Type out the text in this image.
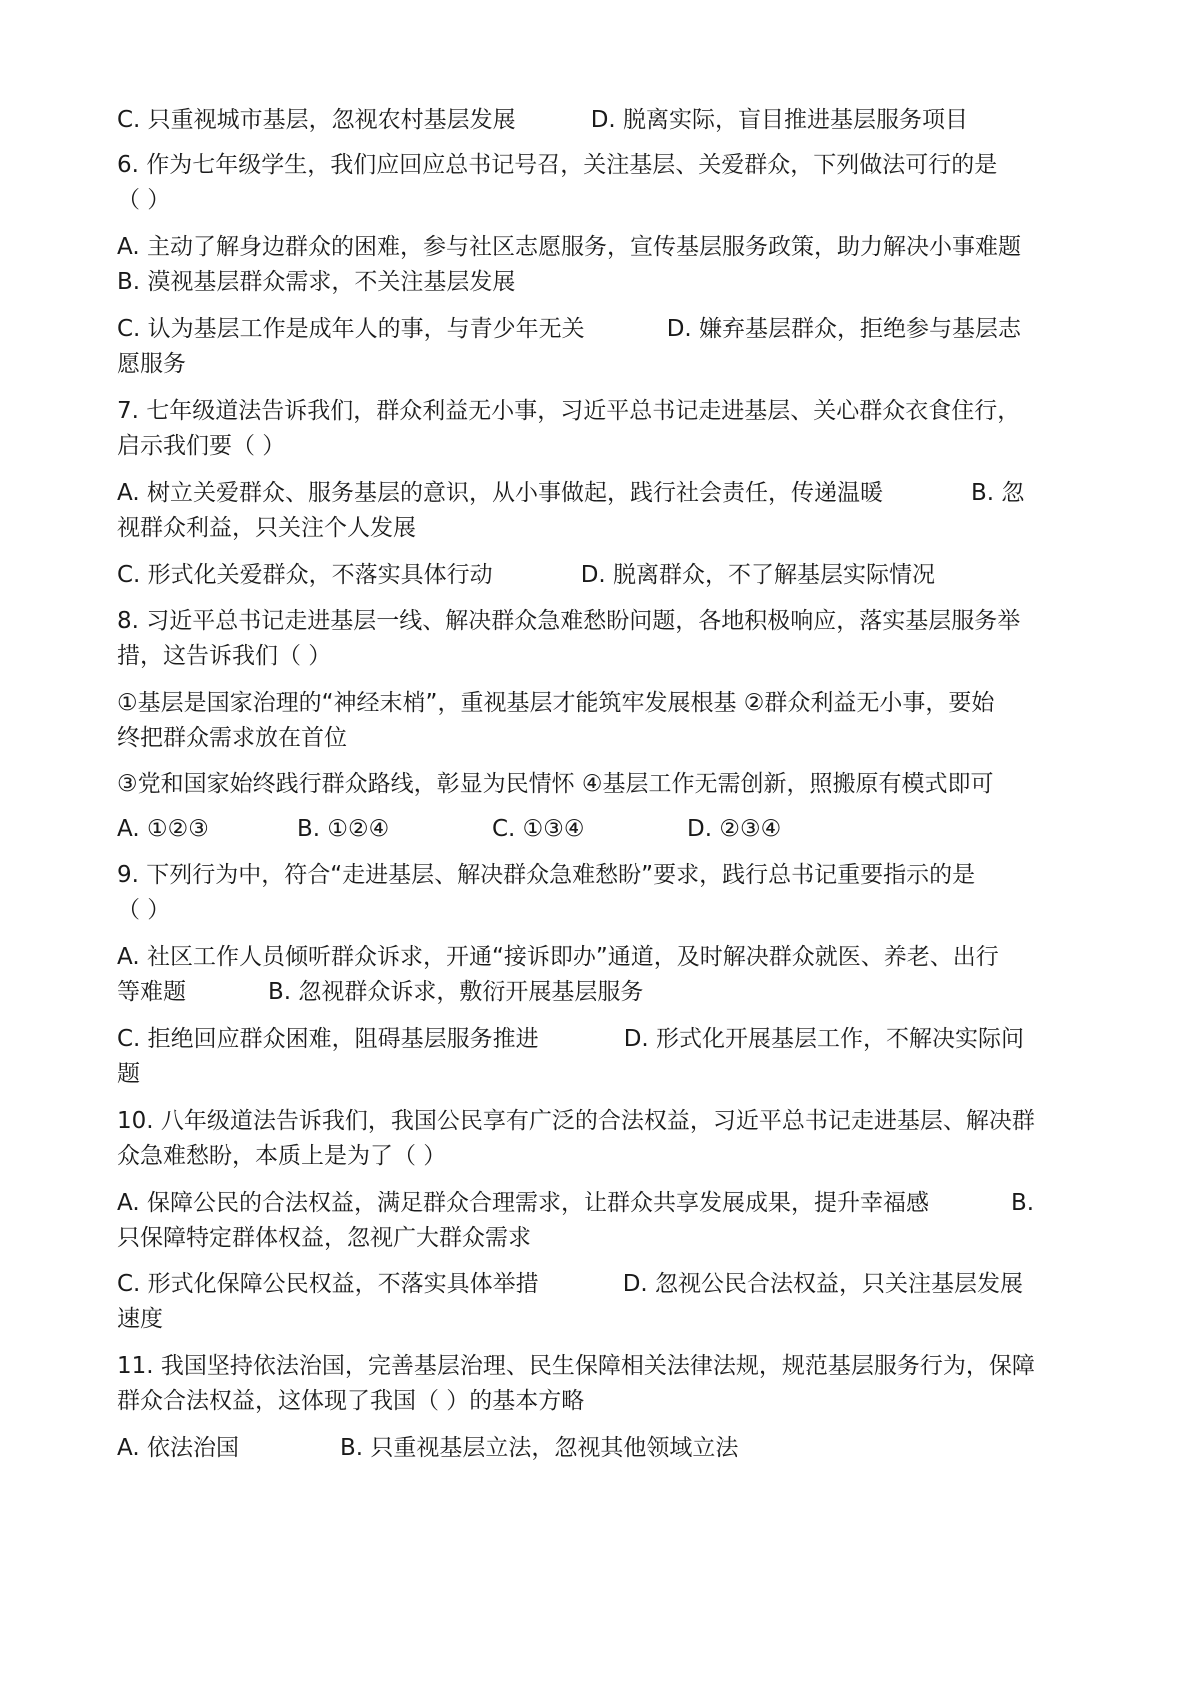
C. 只重视城市基层，忽视农村基层发展	D. 脱离实际，盲目推进基层服务项目
6. 作为七年级学生，我们应回应总书记号召，关注基层、关爱群众，下列做法可行的是
（ ）
A. 主动了解身边群众的困难，参与社区志愿服务，宣传基层服务政策，助力解决小事难题
B. 漠视基层群众需求，不关注基层发展
C. 认为基层工作是成年人的事，与青少年无关	D. 嫌弃基层群众，拒绝参与基层志
愿服务
7. 七年级道法告诉我们，群众利益无小事，习近平总书记走进基层、关心群众衣食住行，
启示我们要（ ）
A. 树立关爱群众、服务基层的意识，从小事做起，践行社会责任，传递温暖	B. 忽
视群众利益，只关注个人发展
C. 形式化关爱群众，不落实具体行动	D. 脱离群众，不了解基层实际情况
8. 习近平总书记走进基层一线、解决群众急难愁盼问题，各地积极响应，落实基层服务举
措，这告诉我们（ ）
①基层是国家治理的“神经末梢”，重视基层才能筑牢发展根基 ②群众利益无小事，要始
终把群众需求放在首位
③党和国家始终践行群众路线，彰显为民情怀 ④基层工作无需创新，照搬原有模式即可
A. ①②③	B. ①②④	C. ①③④	D. ②③④
9. 下列行为中，符合“走进基层、解决群众急难愁盼”要求，践行总书记重要指示的是
（ ）
A. 社区工作人员倾听群众诉求，开通“接诉即办”通道，及时解决群众就医、养老、出行
等难题	B. 忽视群众诉求，敷衍开展基层服务
C. 拒绝回应群众困难，阻碍基层服务推进	D. 形式化开展基层工作，不解决实际问
题
10. 八年级道法告诉我们，我国公民享有广泛的合法权益，习近平总书记走进基层、解决群
众急难愁盼，本质上是为了（ ）
A. 保障公民的合法权益，满足群众合理需求，让群众共享发展成果，提升幸福感	B.
只保障特定群体权益，忽视广大群众需求
C. 形式化保障公民权益，不落实具体举措	D. 忽视公民合法权益，只关注基层发展
速度
11. 我国坚持依法治国，完善基层治理、民生保障相关法律法规，规范基层服务行为，保障
群众合法权益，这体现了我国（ ）的基本方略
A. 依法治国	B. 只重视基层立法，忽视其他领域立法
